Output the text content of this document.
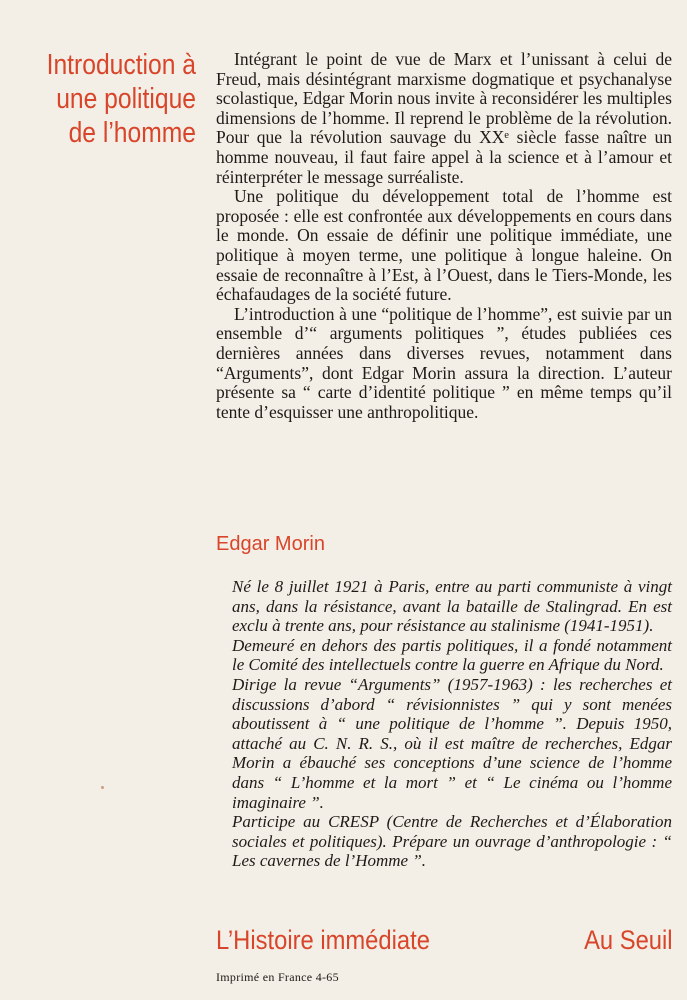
Introduction à
une politique
de l’homme

Intégrant le point de vue de Marx et l’unissant à celui de Freud, mais désintégrant marxisme dogmatique et psychanalyse scolastique, Edgar Morin nous invite à reconsidérer les multiples dimensions de l’homme. Il reprend le problème de la révolution. Pour que la révolution sauvage du XXᵉ siècle fasse naître un homme nouveau, il faut faire appel à la science et à l’amour et réinterpréter le message surréaliste.

Une politique du développement total de l’homme est proposée : elle est confrontée aux développements en cours dans le monde. On essaie de définir une politique immédiate, une politique à moyen terme, une politique à longue haleine. On essaie de reconnaître à l’Est, à l’Ouest, dans le Tiers-Monde, les échafaudages de la société future.

L’introduction à une “politique de l’homme”, est suivie par un ensemble d’“ arguments politiques ”, études publiées ces dernières années dans diverses revues, notamment dans “Arguments”, dont Edgar Morin assura la direction. L’auteur présente sa “ carte d’identité politique ” en même temps qu’il tente d’esquisser une anthropolitique.

Edgar Morin

Né le 8 juillet 1921 à Paris, entre au parti communiste à vingt ans, dans la résistance, avant la bataille de Stalingrad. En est exclu à trente ans, pour résistance au stalinisme (1941-1951).

Demeuré en dehors des partis politiques, il a fondé notamment le Comité des intellectuels contre la guerre en Afrique du Nord.

Dirige la revue “Arguments” (1957-1963) : les recherches et discussions d’abord “ révisionnistes ” qui y sont menées aboutissent à “ une politique de l’homme ”. Depuis 1950, attaché au C. N. R. S., où il est maître de recherches, Edgar Morin a ébauché ses conceptions d’une science de l’homme dans “ L’homme et la mort ” et “ Le cinéma ou l’homme imaginaire ”.

Participe au CRESP (Centre de Recherches et d’Élaboration sociales et politiques). Prépare un ouvrage d’anthropologie : “ Les cavernes de l’Homme ”.

L’Histoire immédiate	Au Seuil
Imprimé en France 4-65
